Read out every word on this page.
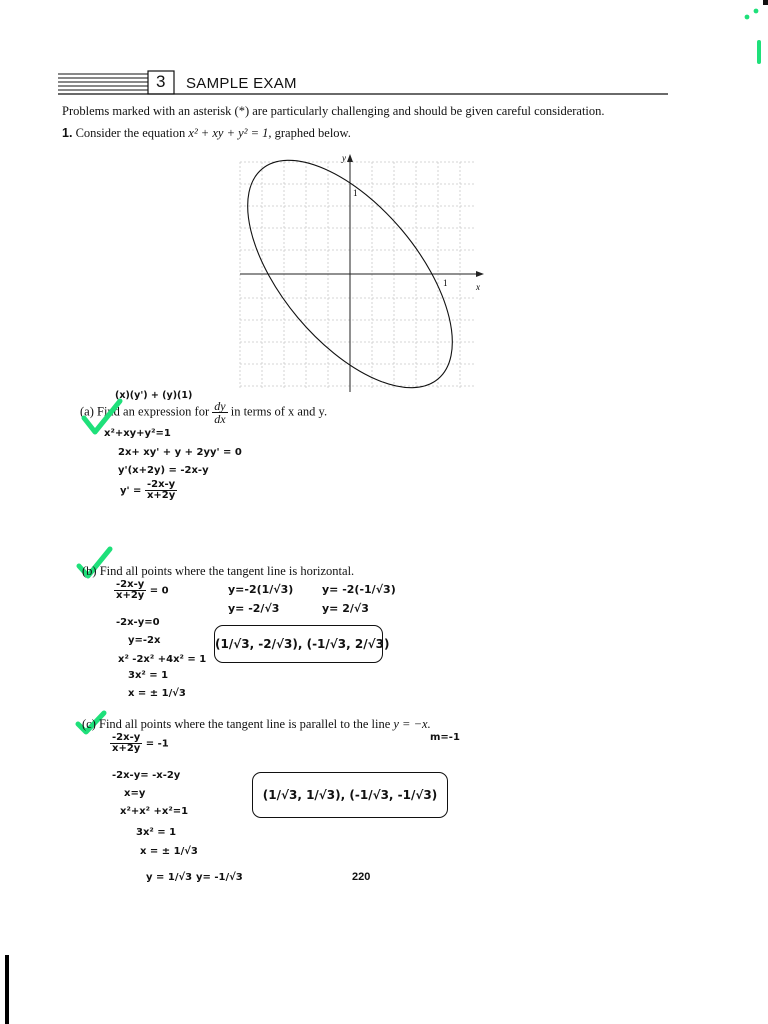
3 SAMPLE EXAM
Problems marked with an asterisk (*) are particularly challenging and should be given careful consideration.
1. Consider the equation x² + xy + y² = 1, graphed below.
y
x
1
1
(x)(y') + (y)(1)
(a) Find an expression for $\frac{dy}{dx}$ in terms of x and y.
x²+xy+y²=1
2x+ xy' + y + 2yy' = 0
y'(x+2y) = -2x-y
$y' = \frac{-2x-y}{x+2y}$
(b) Find all points where the tangent line is horizontal.
$\frac{-2x-y}{x+2y} = 0$
-2x-y=0
y=-2x
x² -2x² +4x² = 1
3x² = 1
x = ± 1/√3
y=-2(1/√3)
y= -2/√3
y= -2(-1/√3)
y= 2/√3
(1/√3, -2/√3), (-1/√3, 2/√3)
(c) Find all points where the tangent line is parallel to the line y = −x.
m=-1
$\frac{-2x-y}{x+2y} = -1$
-2x-y= -x-2y
x=y
x²+x² +x²=1
3x² = 1
x = ± 1/√3
y = 1/√3 y= -1/√3
(1/√3, 1/√3), (-1/√3, -1/√3)
220
